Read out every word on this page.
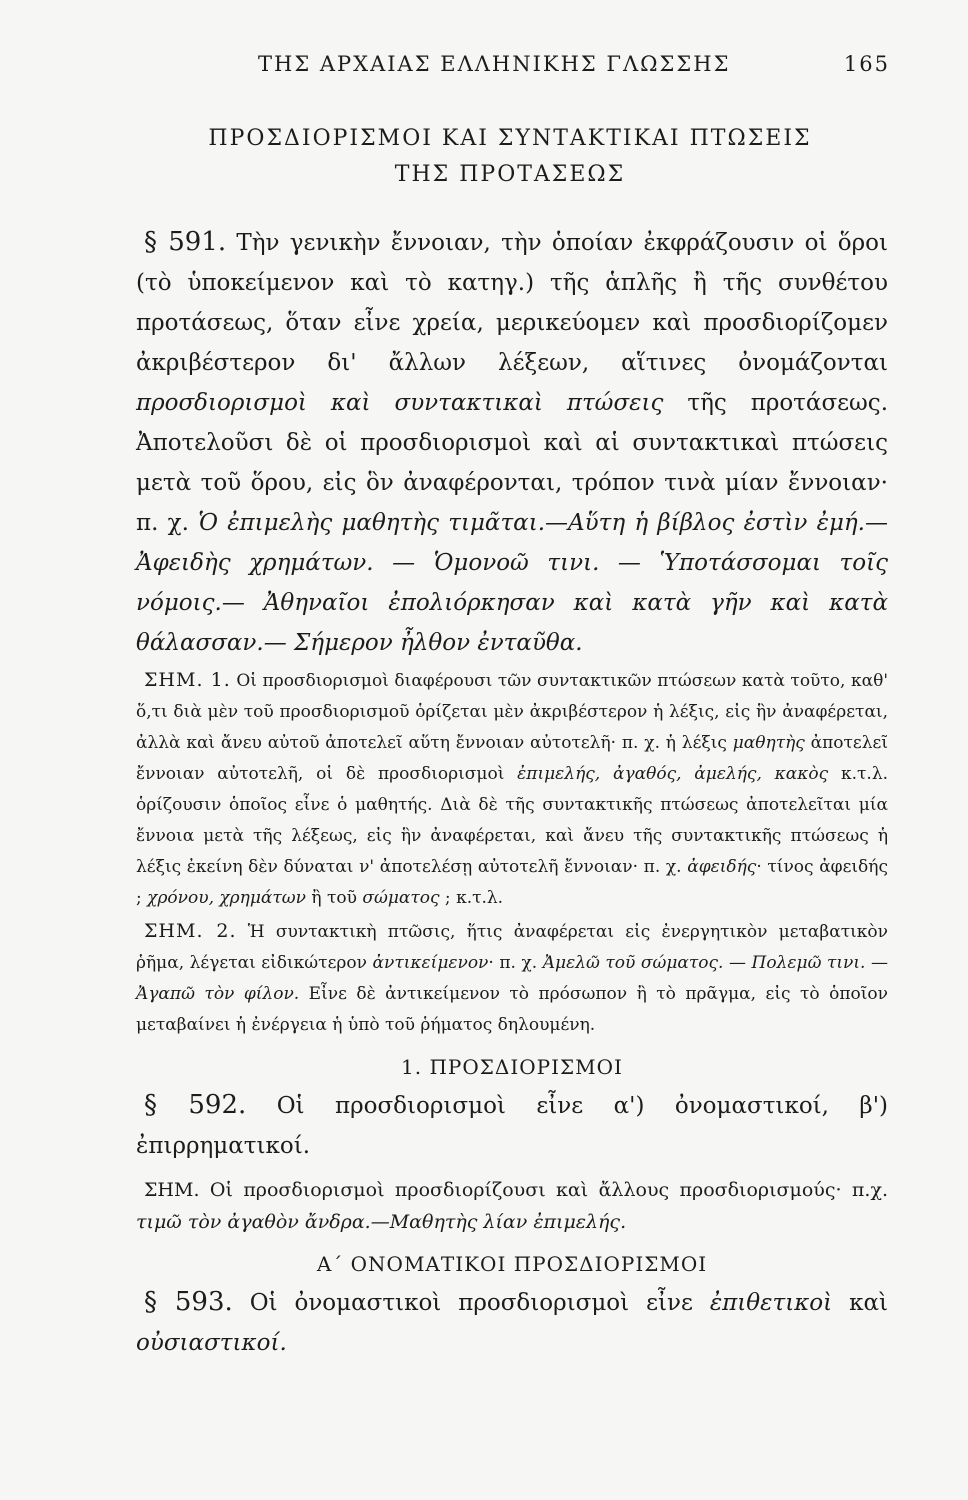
ΤΗΣ ΑΡΧΑΙΑΣ ΕΛΛΗΝΙΚΗΣ ΓΛΩΣΣΗΣ	165
ΠΡΟΣΔΙΟΡΙΣΜΟΙ ΚΑΙ ΣΥΝΤΑΚΤΙΚΑΙ ΠΤΩΣΕΙΣ
ΤΗΣ ΠΡΟΤΑΣΕΩΣ

§ 591. Τὴν γενικὴν ἔννοιαν, τὴν ὁποίαν ἐκφράζουσιν οἱ ὅροι (τὸ ὑποκείμενον καὶ τὸ κατηγ.) τῆς ἁπλῆς ἢ τῆς συνθέτου προτάσεως, ὅταν εἶνε χρεία, μερικεύομεν καὶ προσδιορίζομεν ἀκριβέστερον δι' ἄλλων λέξεων, αἵτινες ὀνομάζονται προσδιορισμοὶ καὶ συντακτικαὶ πτώσεις τῆς προτάσεως. Ἀποτελοῦσι δὲ οἱ προσδιορισμοὶ καὶ αἱ συντακτικαὶ πτώσεις μετὰ τοῦ ὅρου, εἰς ὃν ἀναφέρονται, τρόπον τινὰ μίαν ἔννοιαν· π. χ. Ὁ ἐπιμελὴς μαθητὴς τιμᾶται.—Αὕτη ἡ βίβλος ἐστὶν ἐμή.—Ἀφειδὴς χρημάτων. — Ὁμονοῶ τινι. — Ὑποτάσσομαι τοῖς νόμοις.— Ἀθηναῖοι ἐπολιόρκησαν καὶ κατὰ γῆν καὶ κατὰ θάλασσαν.— Σήμερον ἦλθον ἐνταῦθα.

ΣΗΜ. 1. Οἱ προσδιορισμοὶ διαφέρουσι τῶν συντακτικῶν πτώσεων κατὰ τοῦτο, καθ' ὅ,τι διὰ μὲν τοῦ προσδιορισμοῦ ὁρίζεται μὲν ἀκριβέστερον ἡ λέξις, εἰς ἣν ἀναφέρεται, ἀλλὰ καὶ ἄνευ αὐτοῦ ἀποτελεῖ αὕτη ἔννοιαν αὐτοτελῆ· π. χ. ἡ λέξις μαθητὴς ἀποτελεῖ ἔννοιαν αὐτοτελῆ, οἱ δὲ προσδιορισμοὶ ἐπιμελής, ἀγαθός, ἀμελής, κακὸς κ.τ.λ. ὁρίζουσιν ὁποῖος εἶνε ὁ μαθητής. Διὰ δὲ τῆς συντακτικῆς πτώσεως ἀποτελεῖται μία ἔννοια μετὰ τῆς λέξεως, εἰς ἣν ἀναφέρεται, καὶ ἄνευ τῆς συντακτικῆς πτώσεως ἡ λέξις ἐκείνη δὲν δύναται ν' ἀποτελέσῃ αὐτοτελῆ ἔννοιαν· π. χ. ἀφειδής· τίνος ἀφειδής ; χρόνου, χρημάτων ἢ τοῦ σώματος ; κ.τ.λ.

ΣΗΜ. 2. Ἡ συντακτικὴ πτῶσις, ἥτις ἀναφέρεται εἰς ἐνεργητικὸν μεταβατικὸν ῥῆμα, λέγεται εἰδικώτερον ἀντικείμενον· π. χ. Ἀμελῶ τοῦ σώματος. — Πολεμῶ τινι. — Ἀγαπῶ τὸν φίλον. Εἶνε δὲ ἀντικείμενον τὸ πρόσωπον ἢ τὸ πρᾶγμα, εἰς τὸ ὁποῖον μεταβαίνει ἡ ἐνέργεια ἡ ὑπὸ τοῦ ῥήματος δηλουμένη.

1. ΠΡΟΣΔΙΟΡΙΣΜΟΙ

§ 592. Οἱ προσδιορισμοὶ εἶνε α') ὀνομαστικοί, β') ἐπιρρηματικοί.

ΣΗΜ. Οἱ προσδιορισμοὶ προσδιορίζουσι καὶ ἄλλους προσδιορισμούς· π.χ. τιμῶ τὸν ἀγαθὸν ἄνδρα.—Μαθητὴς λίαν ἐπιμελής.

Α΄ ΟΝΟΜΑΤΙΚΟΙ ΠΡΟΣΔΙΟΡΙΣΜΟΙ

§ 593. Οἱ ὀνομαστικοὶ προσδιορισμοὶ εἶνε ἐπιθετικοὶ καὶ οὐσιαστικοί.
